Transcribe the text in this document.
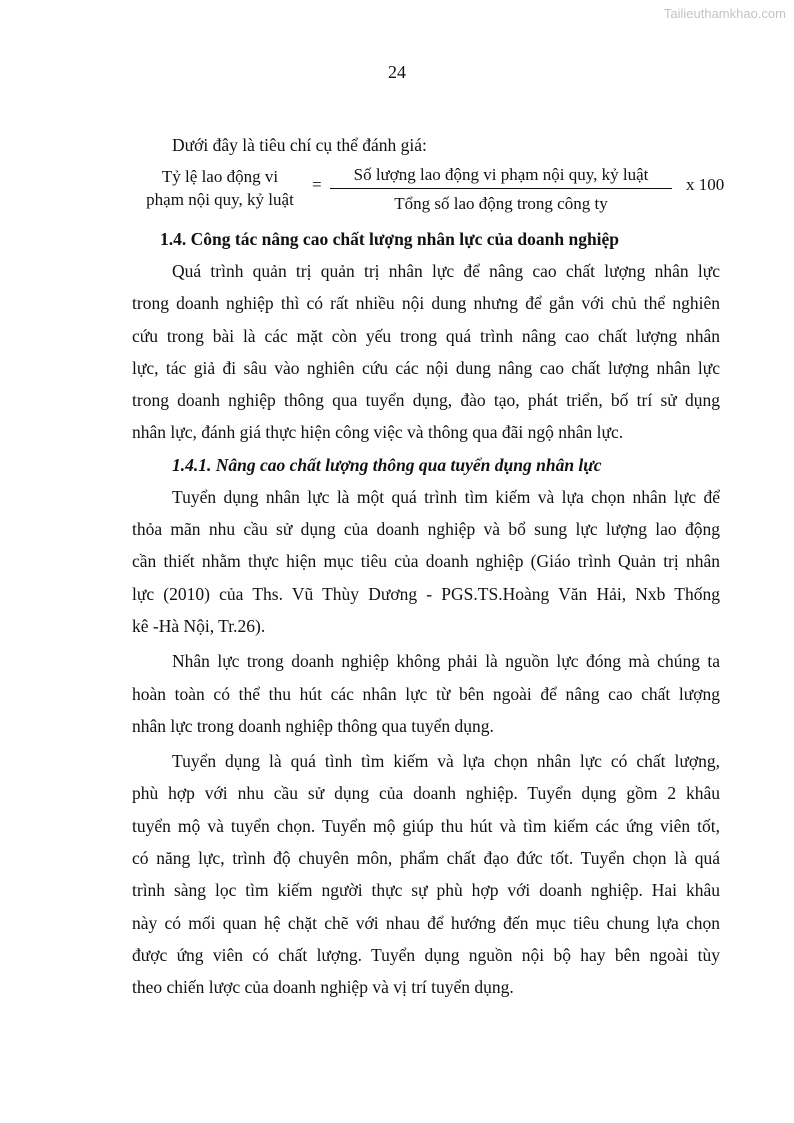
Tailieuthamkhao.com
24
Dưới đây là tiêu chí cụ thể đánh giá:
Tỷ lệ lao động vi
phạm nội quy, kỷ luật
=
Số lượng lao động vi phạm nội quy, kỷ luật
Tổng số lao động trong công ty
x 100
1.4. Công tác nâng cao chất lượng nhân lực của doanh nghiệp
Quá trình quản trị quản trị nhân lực để nâng cao chất lượng nhân lực
trong doanh nghiệp thì có rất nhiều nội dung nhưng để gắn với chủ thể nghiên
cứu trong bài là các mặt còn yếu trong quá trình nâng cao chất lượng nhân
lực, tác giả đi sâu vào nghiên cứu các nội dung nâng cao chất lượng nhân lực
trong doanh nghiệp thông qua tuyển dụng, đào tạo, phát triển, bố trí sử dụng
nhân lực, đánh giá thực hiện công việc và thông qua đãi ngộ nhân lực.
1.4.1. Nâng cao chất lượng thông qua tuyển dụng nhân lực
Tuyển dụng nhân lực là một quá trình tìm kiếm và lựa chọn nhân lực để
thỏa mãn nhu cầu sử dụng của doanh nghiệp và bổ sung lực lượng lao động
cần thiết nhằm thực hiện mục tiêu của doanh nghiệp (Giáo trình Quản trị nhân
lực (2010) của Ths. Vũ Thùy Dương - PGS.TS.Hoàng Văn Hải, Nxb Thống
kê -Hà Nội, Tr.26).
Nhân lực trong doanh nghiệp không phải là nguồn lực đóng mà chúng ta
hoàn toàn có thể thu hút các nhân lực từ bên ngoài để nâng cao chất lượng
nhân lực trong doanh nghiệp thông qua tuyển dụng.
Tuyển dụng là quá tình tìm kiếm và lựa chọn nhân lực có chất lượng,
phù hợp với nhu cầu sử dụng của doanh nghiệp. Tuyển dụng gồm 2 khâu
tuyển mộ và tuyển chọn. Tuyển mộ giúp thu hút và tìm kiếm các ứng viên tốt,
có năng lực, trình độ chuyên môn, phẩm chất đạo đức tốt. Tuyển chọn là quá
trình sàng lọc tìm kiếm người thực sự phù hợp với doanh nghiệp. Hai khâu
này có mối quan hệ chặt chẽ với nhau để hướng đến mục tiêu chung lựa chọn
được ứng viên có chất lượng. Tuyển dụng nguồn nội bộ hay bên ngoài tùy
theo chiến lược của doanh nghiệp và vị trí tuyển dụng.
